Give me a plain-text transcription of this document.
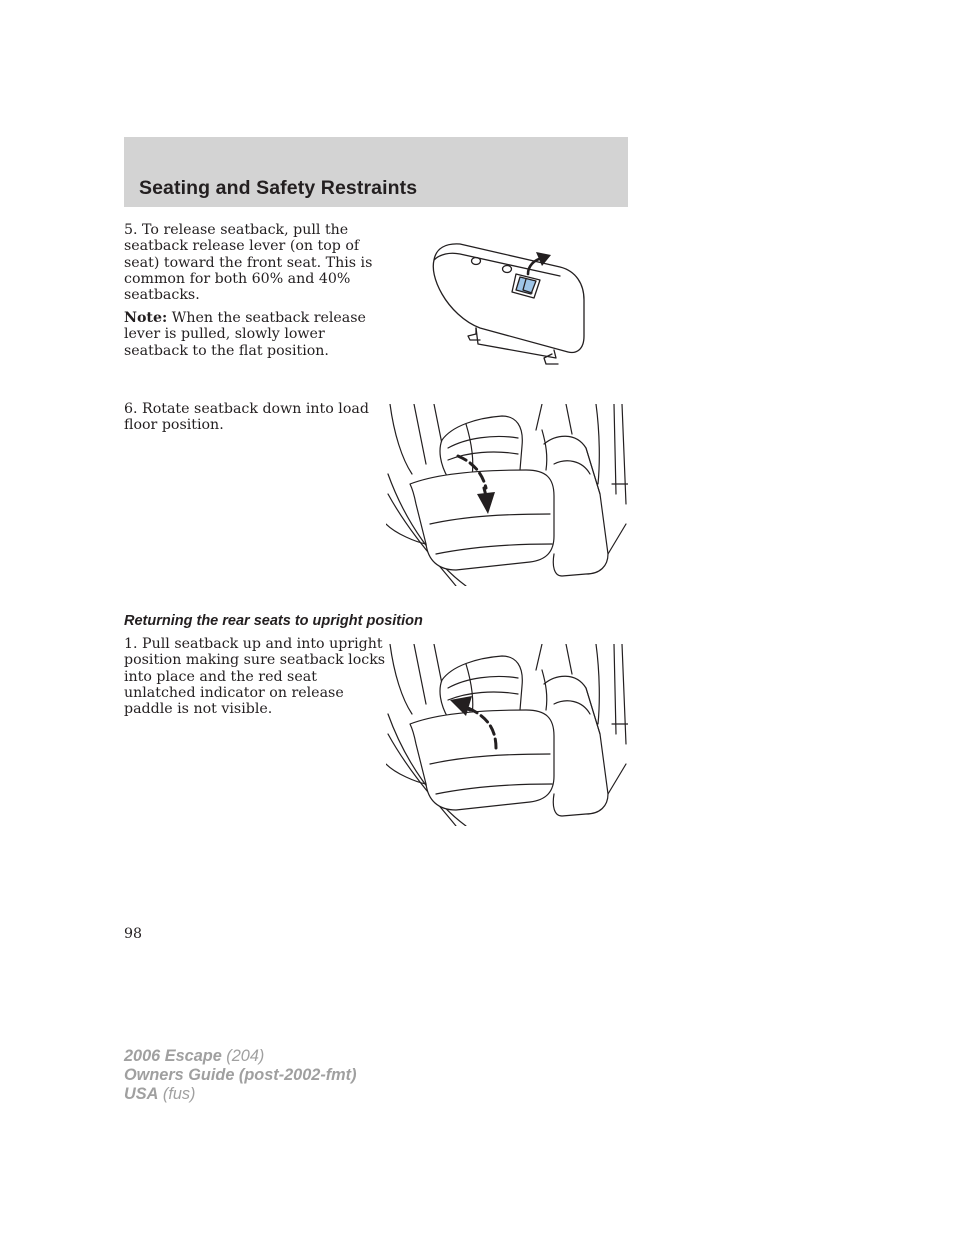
Seating and Safety Restraints

5. To release seatback, pull the
seatback release lever (on top of
seat) toward the front seat. This is
common for both 60% and 40%
seatbacks.

Note: When the seatback release
lever is pulled, slowly lower
seatback to the flat position.

6. Rotate seatback down into load
floor position.

Returning the rear seats to upright position

1. Pull seatback up and into upright
position making sure seatback locks
into place and the red seat
unlatched indicator on release
paddle is not visible.

98
2006 Escape (204)
Owners Guide (post-2002-fmt)
USA (fus)
